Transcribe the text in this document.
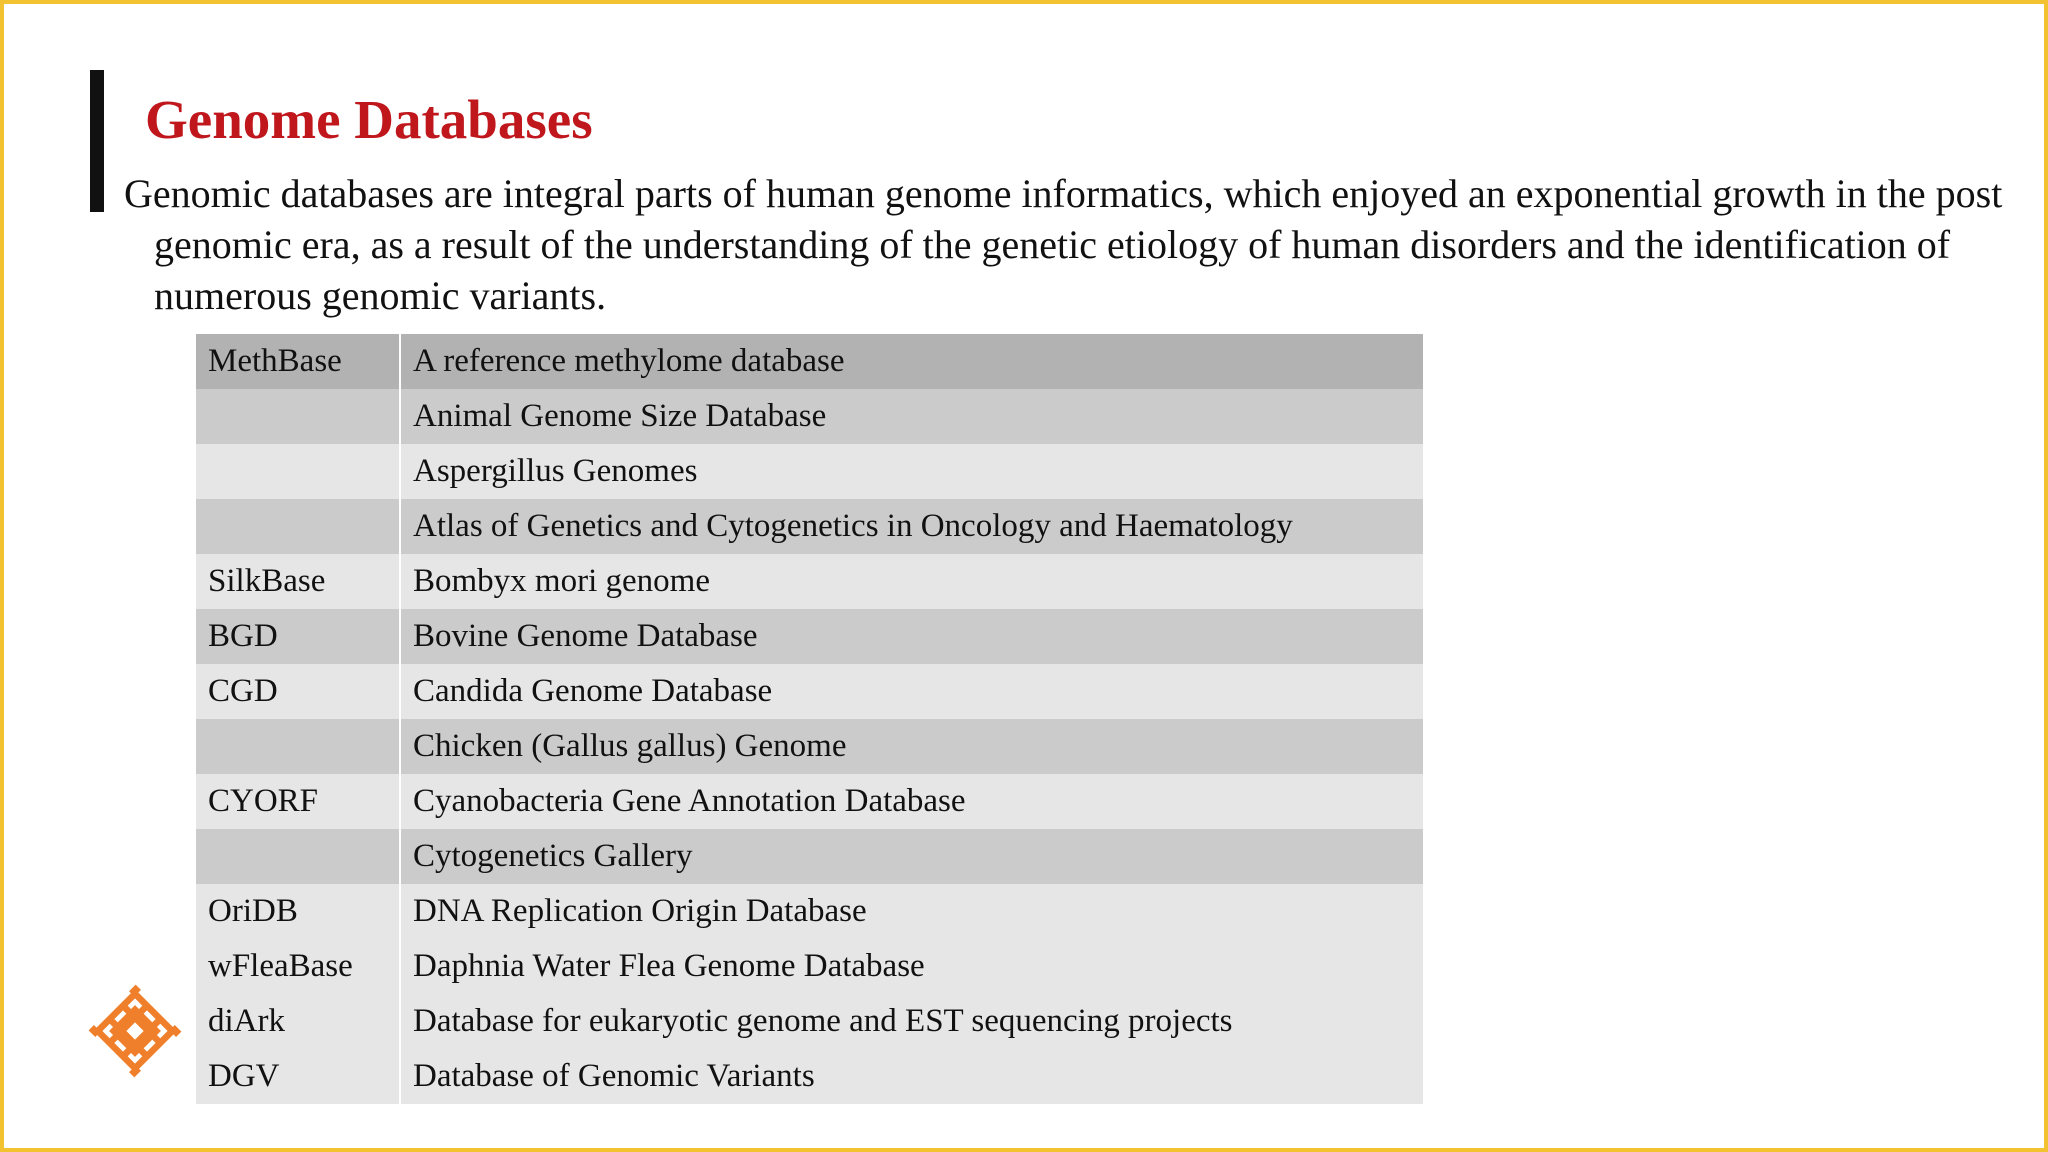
Genome Databases

Genomic databases are integral parts of human genome informatics, which enjoyed an exponential growth in the post genomic era, as a result of the understanding of the genetic etiology of human disorders and the identification of numerous genomic variants.

MethBase	A reference methylome database
	Animal Genome Size Database
	Aspergillus Genomes
	Atlas of Genetics and Cytogenetics in Oncology and Haematology
SilkBase	Bombyx mori genome
BGD	Bovine Genome Database
CGD	Candida Genome Database
	Chicken (Gallus gallus) Genome
CYORF	Cyanobacteria Gene Annotation Database
	Cytogenetics Gallery
OriDB	DNA Replication Origin Database
wFleaBase	Daphnia Water Flea Genome Database
diArk	Database for eukaryotic genome and EST sequencing projects
DGV	Database of Genomic Variants
